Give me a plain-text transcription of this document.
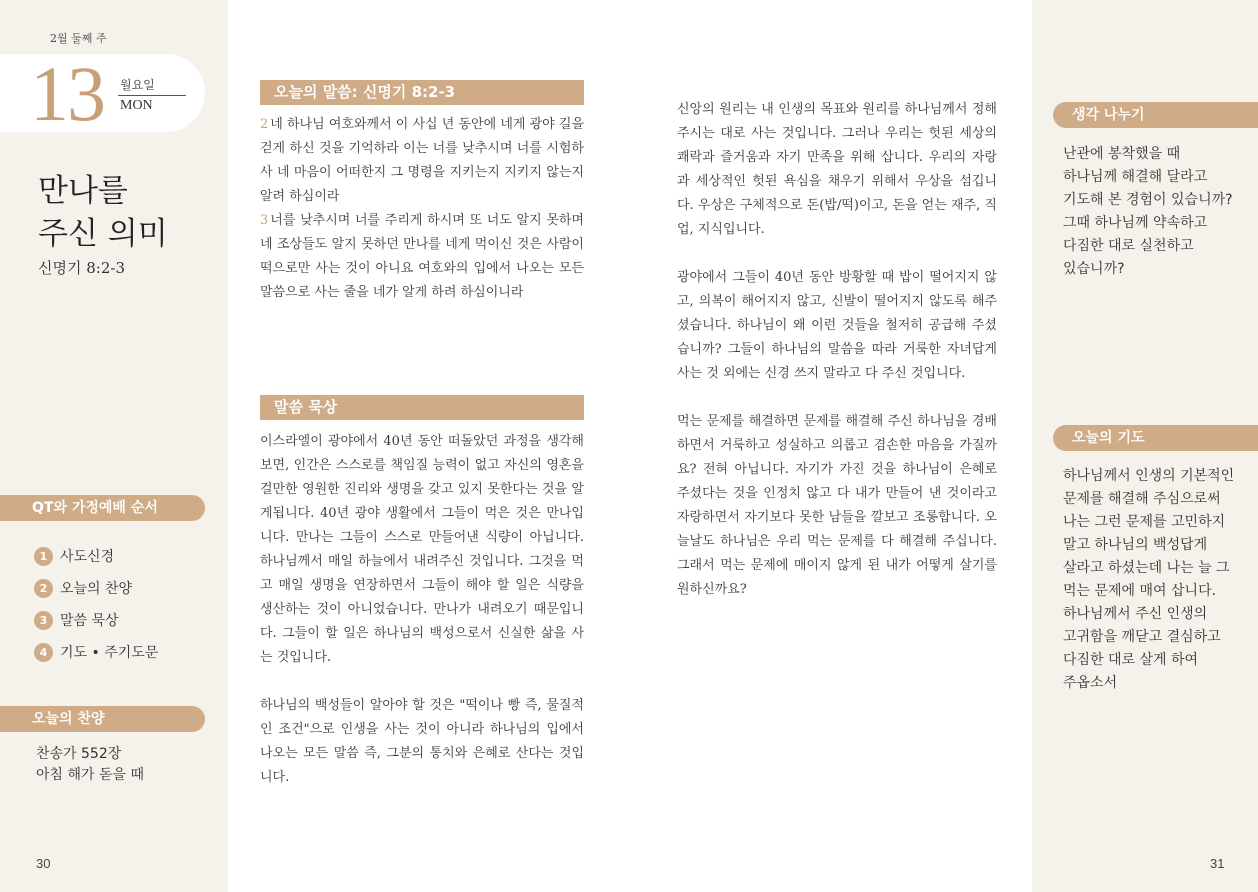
2월 둘째 주
13 월요일
MON
만나를
주신 의미
신명기 8:2-3
QT와 가정예배 순서
1 사도신경
2 오늘의 찬양
3 말씀 묵상
4 기도 • 주기도문
오늘의 찬양
찬송가 552장
아침 해가 돋을 때
30
오늘의 말씀: 신명기 8:2-3
2 네 하나님 여호와께서 이 사십 년 동안에 네게 광야 길을 걷게 하신 것을 기억하라 이는 너를 낮추시며 너를 시험하사 네 마음이 어떠한지 그 명령을 지키는지 지키지 않는지 알려 하심이라
3 너를 낮추시며 너를 주리게 하시며 또 너도 알지 못하며 네 조상들도 알지 못하던 만나를 네게 먹이신 것은 사람이 떡으로만 사는 것이 아니요 여호와의 입에서 나오는 모든 말씀으로 사는 줄을 네가 알게 하려 하심이니라
말씀 묵상

이스라엘이 광야에서 40년 동안 떠돌았던 과정을 생각해 보면, 인간은 스스로를 책임질 능력이 없고 자신의 영혼을 걸만한 영원한 진리와 생명을 갖고 있지 못한다는 것을 알게됩니다. 40년 광야 생활에서 그들이 먹은 것은 만나입니다. 만나는 그들이 스스로 만들어낸 식량이 아닙니다. 하나님께서 매일 하늘에서 내려주신 것입니다. 그것을 먹고 매일 생명을 연장하면서 그들이 해야 할 일은 식량을 생산하는 것이 아니었습니다. 만나가 내려오기 때문입니다. 그들이 할 일은 하나님의 백성으로서 신실한 삶을 사는 것입니다.

하나님의 백성들이 알아야 할 것은 "떡이나 빵 즉, 물질적인 조건"으로 인생을 사는 것이 아니라 하나님의 입에서 나오는 모든 말씀 즉, 그분의 통치와 은혜로 산다는 것입니다.

신앙의 원리는 내 인생의 목표와 원리를 하나님께서 정해주시는 대로 사는 것입니다. 그러나 우리는 헛된 세상의 쾌락과 즐거움과 자기 만족을 위해 삽니다. 우리의 자랑과 세상적인 헛된 욕심을 채우기 위해서 우상을 섬깁니다. 우상은 구체적으로 돈(밥/떡)이고, 돈을 얻는 재주, 직업, 지식입니다.

광야에서 그들이 40년 동안 방황할 때 밥이 떨어지지 않고, 의복이 해어지지 않고, 신발이 떨어지지 않도록 해주셨습니다. 하나님이 왜 이런 것들을 철저히 공급해 주셨습니까? 그들이 하나님의 말씀을 따라 거룩한 자녀답게 사는 것 외에는 신경 쓰지 말라고 다 주신 것입니다.

먹는 문제를 해결하면 문제를 해결해 주신 하나님을 경배하면서 거룩하고 성실하고 의롭고 겸손한 마음을 가질까요? 전혀 아닙니다. 자기가 가진 것을 하나님이 은혜로 주셨다는 것을 인정치 않고 다 내가 만들어 낸 것이라고 자랑하면서 자기보다 못한 남들을 깔보고 조롱합니다. 오늘날도 하나님은 우리 먹는 문제를 다 해결해 주십니다. 그래서 먹는 문제에 매이지 않게 된 내가 어떻게 살기를 원하신까요?

생각 나누기
난관에 봉착했을 때
하나님께 해결해 달라고
기도해 본 경험이 있습니까?
그때 하나님께 약속하고
다짐한 대로 실천하고
있습니까?
오늘의 기도
하나님께서 인생의 기본적인
문제를 해결해 주심으로써
나는 그런 문제를 고민하지
말고 하나님의 백성답게
살라고 하셨는데 나는 늘 그
먹는 문제에 매여 삽니다.
하나님께서 주신 인생의
고귀함을 깨닫고 결심하고
다짐한 대로 살게 하여
주옵소서
31
